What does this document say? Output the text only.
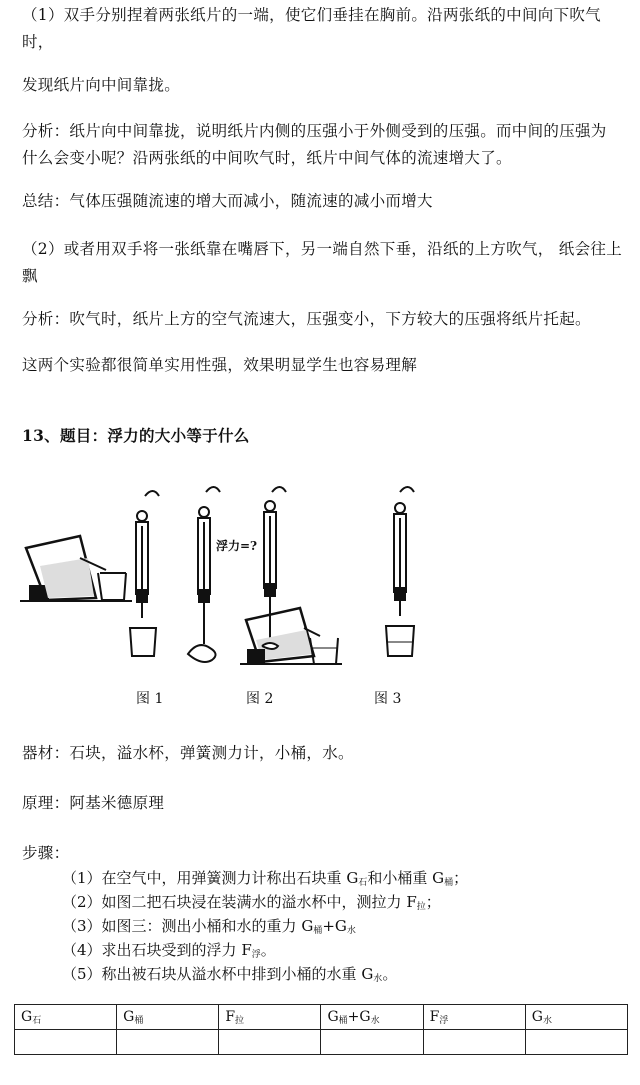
（1）双手分别捏着两张纸片的一端，使它们垂挂在胸前。沿两张纸的中间向下吹气时，
发现纸片向中间靠拢。
分析：纸片向中间靠拢，说明纸片内侧的压强小于外侧受到的压强。而中间的压强为什么会变小呢？沿两张纸的中间吹气时，纸片中间气体的流速增大了。
总结：气体压强随流速的增大而减小，随流速的减小而增大
（2）或者用双手将一张纸靠在嘴唇下，另一端自然下垂，沿纸的上方吹气， 纸会往上飘
分析：吹气时，纸片上方的空气流速大，压强变小，下方较大的压强将纸片托起。
这两个实验都很简单实用性强，效果明显学生也容易理解
13、题目：浮力的大小等于什么
浮力=?
图 1	图 2	图 3
器材：石块，溢水杯，弹簧测力计，小桶，水。
原理：阿基米德原理
步骤：
（1）在空气中，用弹簧测力计称出石块重 $G_石$和小桶重 $G_桶$；
（2）如图二把石块浸在装满水的溢水杯中，测拉力 $F_拉$；
（3）如图三：测出小桶和水的重力 $G_桶+G_水$
（4）求出石块受到的浮力 $F_浮$。
（5）称出被石块从溢水杯中排到小桶的水重 $G_水$。
$G_石$	$G_桶$	$F_拉$	$G_桶+G_水$	$F_浮$	$G_水$
